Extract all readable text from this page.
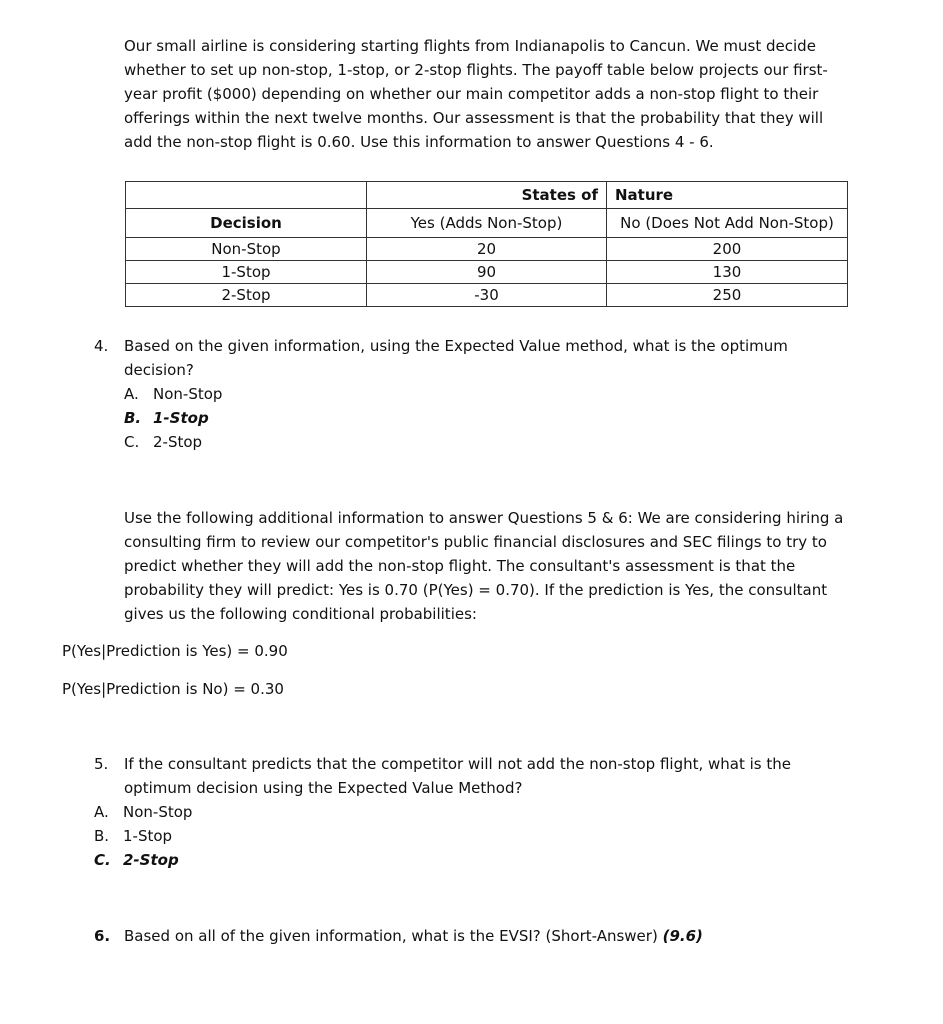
Our small airline is considering starting flights from Indianapolis to Cancun. We must decide whether to set up non-stop, 1-stop, or 2-stop flights. The payoff table below projects our first-year profit ($000) depending on whether our main competitor adds a non-stop flight to their offerings within the next twelve months. Our assessment is that the probability that they will add the non-stop flight is 0.60. Use this information to answer Questions 4 - 6.
	States of	Nature
Decision	Yes (Adds Non-Stop)	No (Does Not Add Non-Stop)
Non-Stop	20	200
1-Stop	90	130
2-Stop	-30	250
4. Based on the given information, using the Expected Value method, what is the optimum
decision?
A. Non-Stop
B. 1-Stop
C. 2-Stop
Use the following additional information to answer Questions 5 & 6: We are considering hiring a consulting firm to review our competitor's public financial disclosures and SEC filings to try to predict whether they will add the non-stop flight. The consultant's assessment is that the probability they will predict: Yes is 0.70 (P(Yes) = 0.70). If the prediction is Yes, the consultant gives us the following conditional probabilities:
P(Yes|Prediction is Yes) = 0.90
P(Yes|Prediction is No) = 0.30
5. If the consultant predicts that the competitor will not add the non-stop flight, what is the
optimum decision using the Expected Value Method?
A. Non-Stop
B. 1-Stop
C. 2-Stop
6. Based on all of the given information, what is the EVSI? (Short-Answer) (9.6)
